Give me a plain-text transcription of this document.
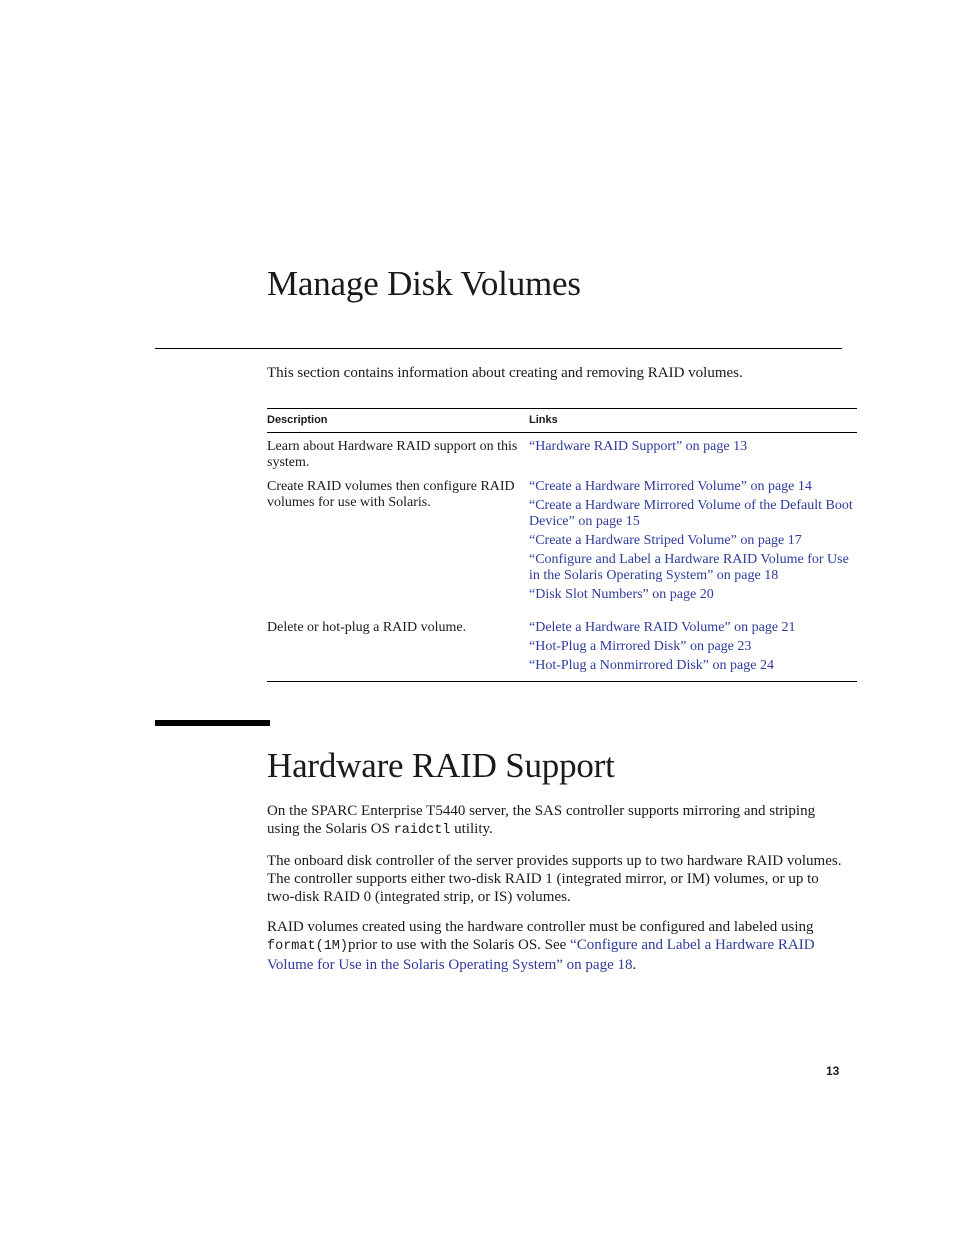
Manage Disk Volumes

This section contains information about creating and removing RAID volumes.

Description	Links
Learn about Hardware RAID support on this system.	“Hardware RAID Support” on page 13

Create RAID volumes then configure RAID volumes for use with Solaris.	“Create a Hardware Mirrored Volume” on page 14
“Create a Hardware Mirrored Volume of the Default Boot Device” on page 15
“Create a Hardware Striped Volume” on page 17
“Configure and Label a Hardware RAID Volume for Use in the Solaris Operating System” on page 18
“Disk Slot Numbers” on page 20

Delete or hot-plug a RAID volume.	“Delete a Hardware RAID Volume” on page 21
“Hot-Plug a Mirrored Disk” on page 23
“Hot-Plug a Nonmirrored Disk” on page 24
Hardware RAID Support

On the SPARC Enterprise T5440 server, the SAS controller supports mirroring and striping using the Solaris OS raidctl utility.

The onboard disk controller of the server provides supports up to two hardware RAID volumes. The controller supports either two-disk RAID 1 (integrated mirror, or IM) volumes, or up to two-disk RAID 0 (integrated strip, or IS) volumes.

RAID volumes created using the hardware controller must be configured and labeled using format(1M)prior to use with the Solaris OS. See “Configure and Label a Hardware RAID Volume for Use in the Solaris Operating System” on page 18.

13
